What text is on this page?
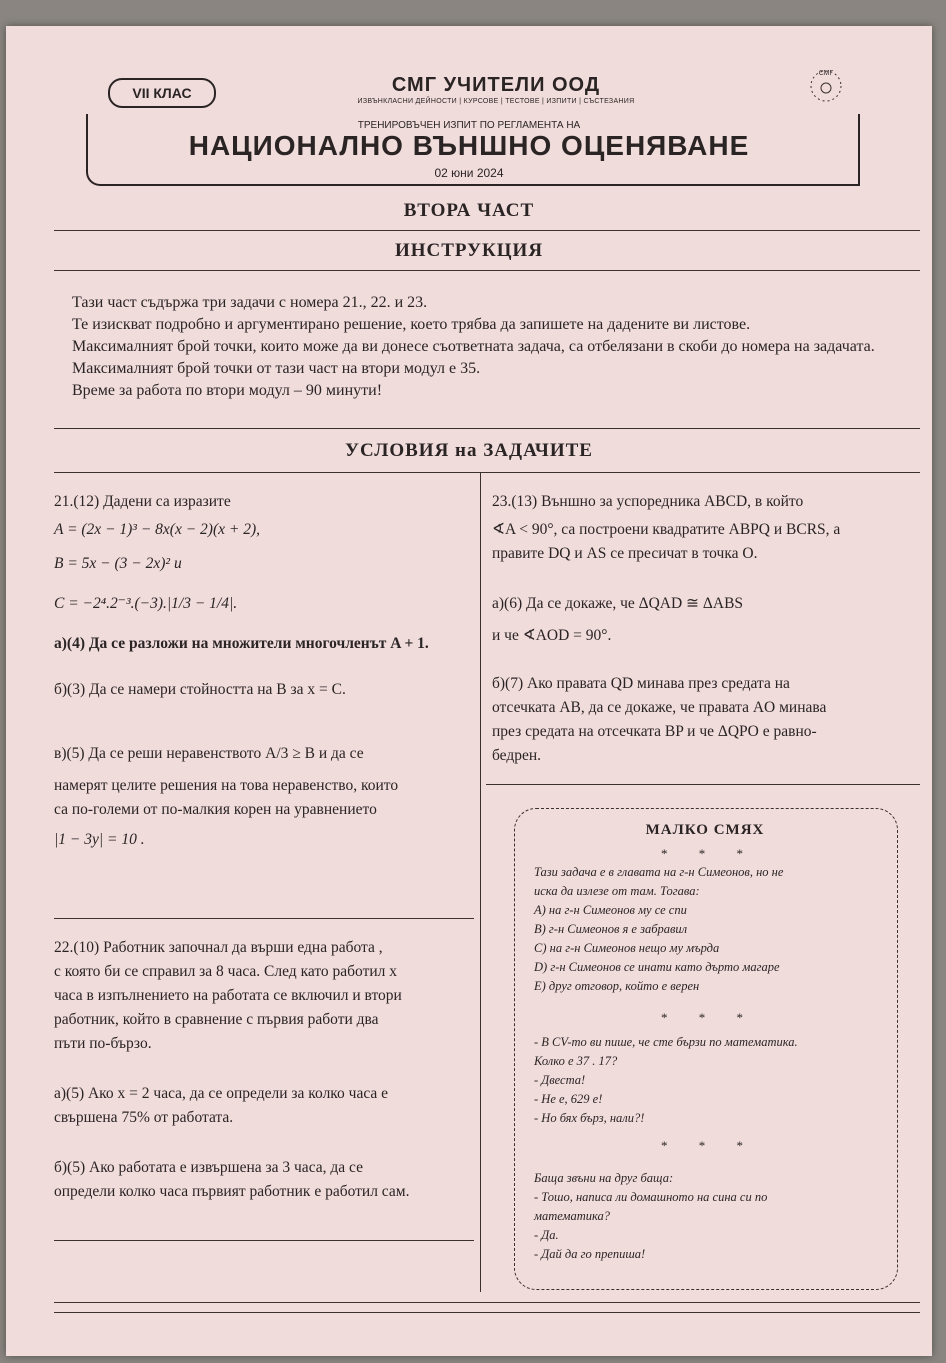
VII КЛАС	СМГ УЧИТЕЛИ ООД
ИЗВЪНКЛАСНИ ДЕЙНОСТИ | КУРСОВЕ | ТЕСТОВЕ | ИЗПИТИ | СЪСТЕЗАНИЯ
СМГ
ТРЕНИРОВЪЧЕН ИЗПИТ ПО РЕГЛАМЕНТА НА
НАЦИОНАЛНО ВЪНШНО ОЦЕНЯВАНЕ
02 юни 2024
ВТОРА ЧАСТ
ИНСТРУКЦИЯ

Тази част съдържа три задачи с номера 21., 22. и 23.

Те изискват подробно и аргументирано решение, което трябва да запишете на дадените ви листове.

Максималният брой точки, които може да ви донесе съответната задача, са отбелязани в скоби до номера на задачата.

Максималният брой точки от тази част на втори модул е 35.

Време за работа по втори модул – 90 минути!

УСЛОВИЯ на ЗАДАЧИТЕ

21.(12) Дадени са изразите

A = (2x − 1)³ − 8x(x − 2)(x + 2),

B = 5x − (3 − 2x)² и

C = −2⁴.2⁻³.(−3).|1/3 − 1/4|.

а)(4) Да се разложи на множители многочленът A + 1.

б)(3) Да се намери стойността на B за x = C.

в)(5) Да се реши неравенството A/3 ≥ B и да се

намерят целите решения на това неравенство, които

са по-големи от по-малкия корен на уравнението

|1 − 3y| = 10 .

22.(10) Работник започнал да върши една работа ,

с която би се справил за 8 часа. След като работил x

часа в изпълнението на работата се включил и втори

работник, който в сравнение с първия работи два

пъти по-бързо.

а)(5) Ако x = 2 часа, да се определи за колко часа е

свършена 75% от работата.

б)(5) Ако работата е извършена за 3 часа, да се

определи колко часа първият работник е работил сам.

23.(13) Външно за успоредника ABCD, в който

∢A < 90°, са построени квадратите ABPQ и BCRS, а

правите DQ и AS се пресичат в точка O.

а)(6) Да се докаже, че ΔQAD ≅ ΔABS

и че ∢AOD = 90°.

б)(7) Ако правата QD минава през средата на

отсечката AB, да се докаже, че правата AO минава

през средата на отсечката BP и че ΔQPO е равно-

бедрен.

МАЛКО СМЯХ

* * *

Тази задача е в главата на г-н Симеонов, но не

иска да излезе от там. Тогава:

A) на г-н Симеонов му се спи

B) г-н Симеонов я е забравил

C) на г-н Симеонов нещо му мърда

D) г-н Симеонов се инати като дърто магаре

E) друг отговор, който е верен

* * *

- В CV-то ви пише, че сте бързи по математика.

Колко е 37 . 17?

- Двеста!

- Не е, 629 е!

- Но бях бърз, нали?!

* * *

Баща звъни на друг баща:

- Тошо, написа ли домашното на сина си по

математика?

- Да.

- Дай да го препиша!
